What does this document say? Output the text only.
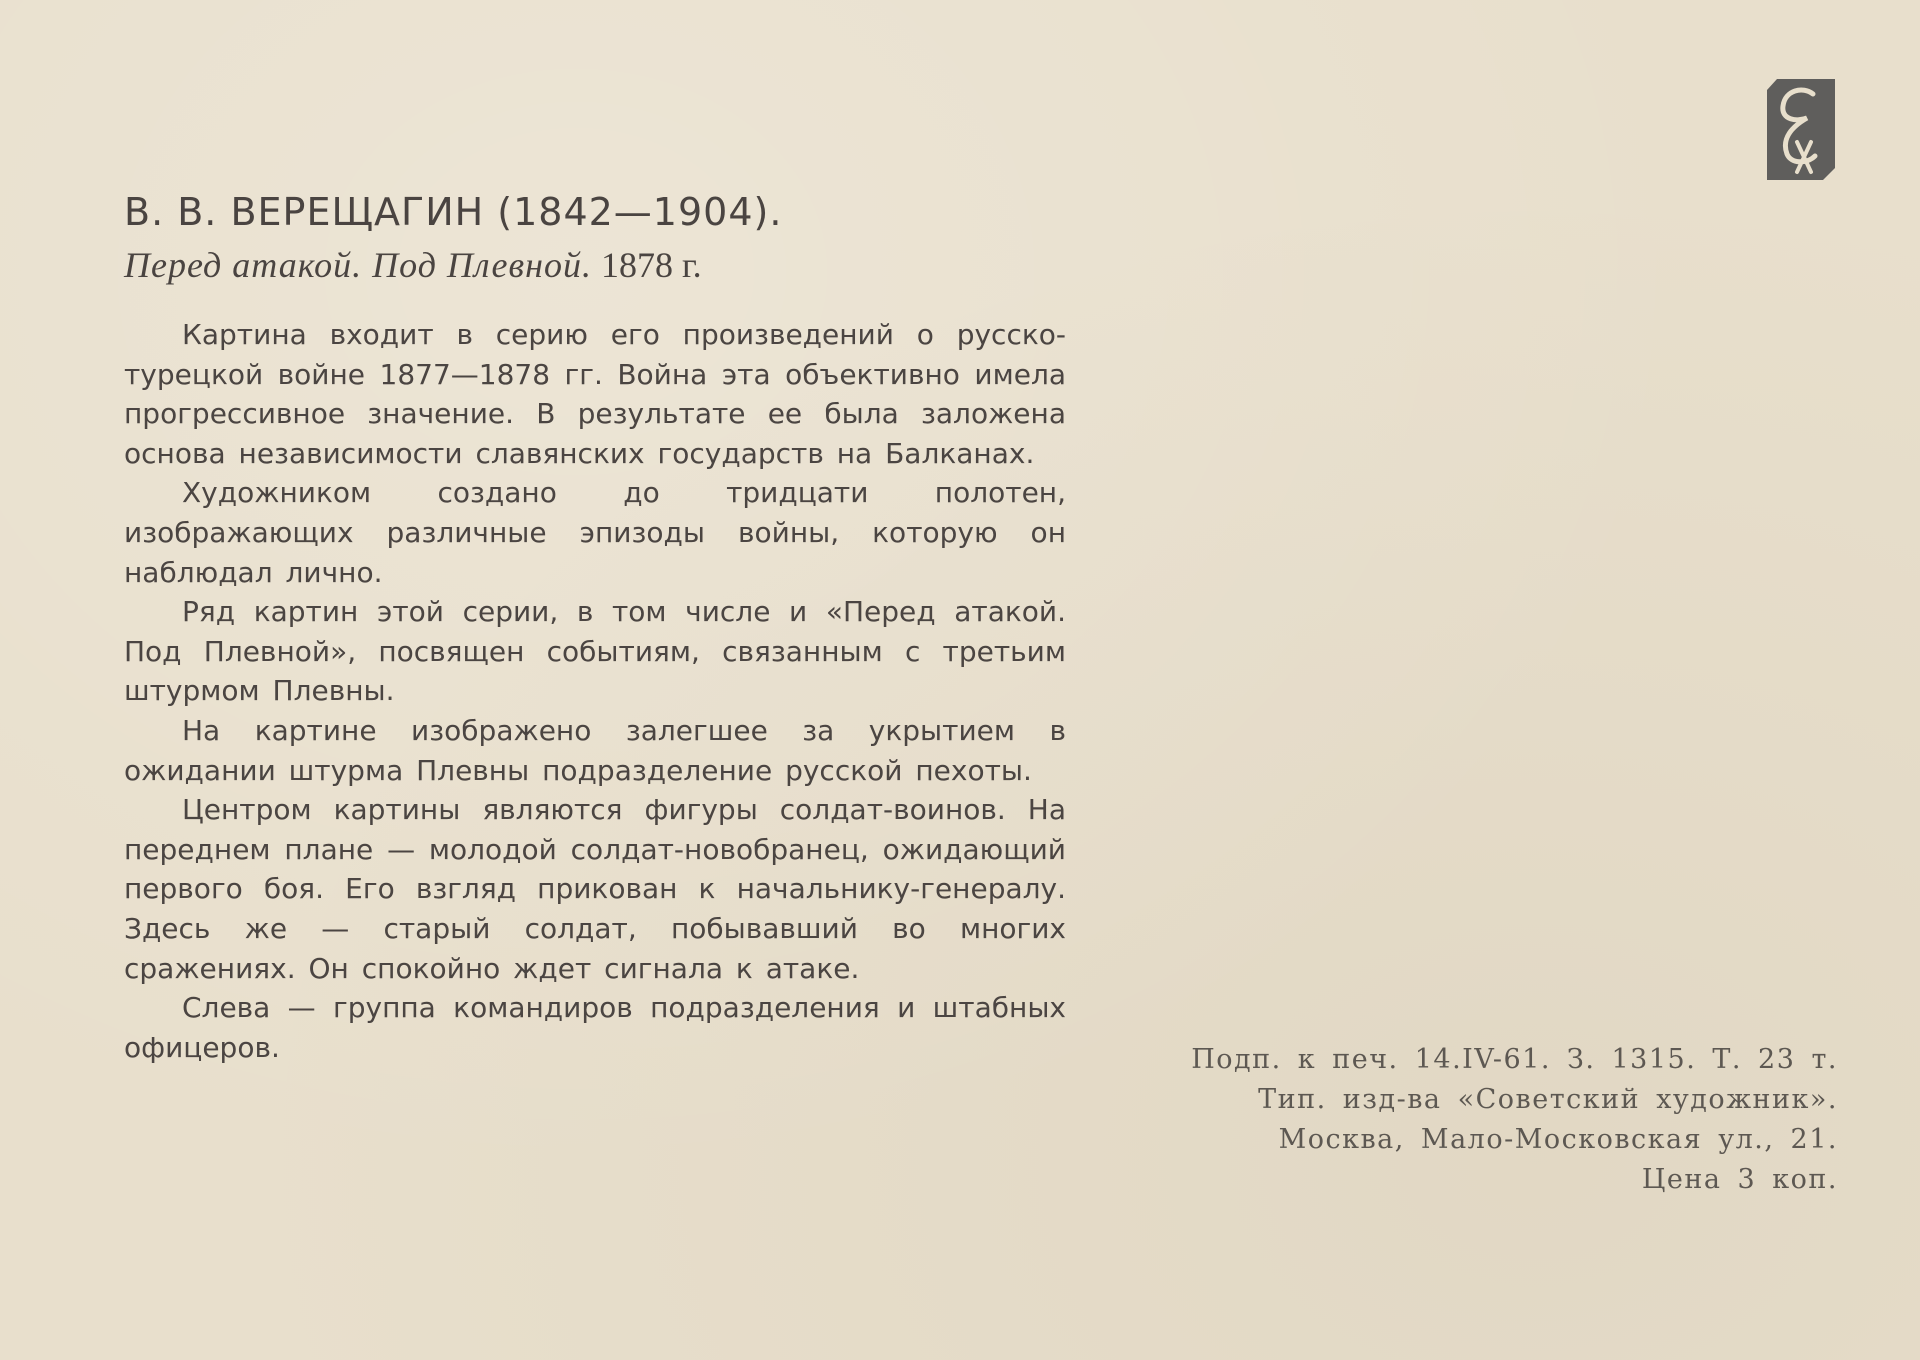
В. В. ВЕРЕЩАГИН (1842—1904).
Перед атакой. Под Плевной. 1878 г.

Картина входит в серию его произведений о русско-турецкой войне 1877—1878 гг. Война эта объективно имела прогрессивное значение. В результате ее была заложена основа независимости славянских государств на Балканах.

Художником создано до тридцати полотен, изображающих различные эпизоды войны, которую он наблюдал лично.

Ряд картин этой серии, в том числе и «Перед атакой. Под Плевной», посвящен событиям, связанным с третьим штурмом Плевны.

На картине изображено залегшее за укрытием в ожидании штурма Плевны подразделение русской пехоты.

Центром картины являются фигуры солдат-воинов. На переднем плане — молодой солдат-новобранец, ожидающий первого боя. Его взгляд прикован к начальнику-генералу. Здесь же — старый солдат, побывавший во многих сражениях. Он спокойно ждет сигнала к атаке.

Слева — группа командиров подразделения и штабных офицеров.	Подп. к печ. 14.IV-61. З. 1315. Т. 23 т.
Тип. изд-ва «Советский художник».
Москва, Мало-Московская ул., 21.
Цена 3 коп.
